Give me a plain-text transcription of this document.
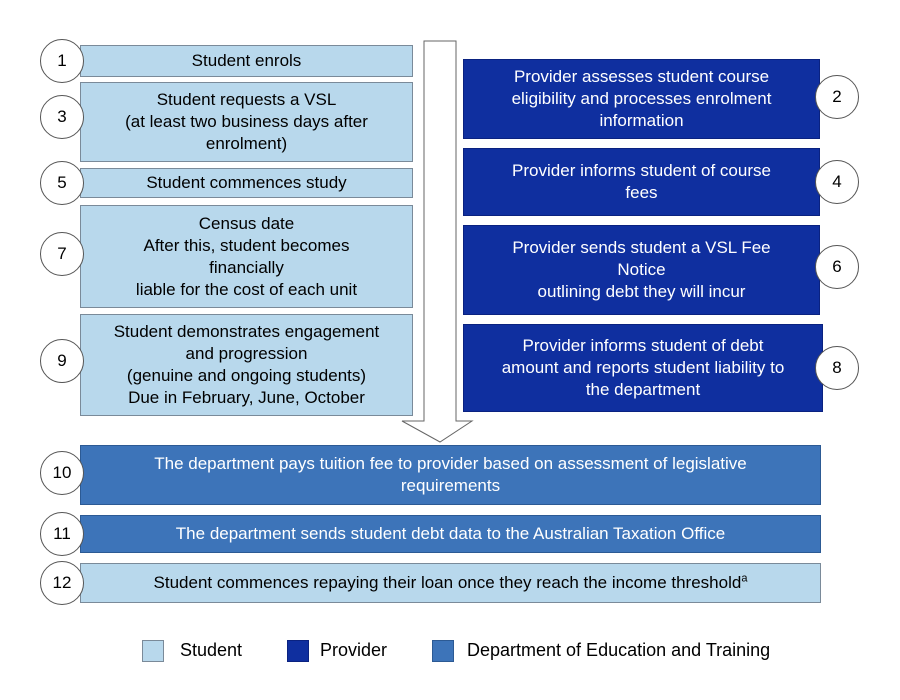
Student enrols
1
Student requests a VSL
(at least two business days after
enrolment)
3
Student commences study
5
Census date
After this, student becomes
financially
liable for the cost of each unit
7
Student demonstrates engagement
and progression
(genuine and ongoing students)
Due in February, June, October
9
Provider assesses student course
eligibility and processes enrolment
information
2
Provider informs student of course
fees
4
Provider sends student a VSL Fee
Notice
outlining debt they will incur
6
Provider informs student of debt
amount and reports student liability to
the department
8
The department pays tuition fee to provider based on assessment of legislative
requirements
10
The department sends student debt data to the Australian Taxation Office
11
Student commences repaying their loan once they reach the income threshold$^a$
12
Student	Provider	Department of Education and Training
